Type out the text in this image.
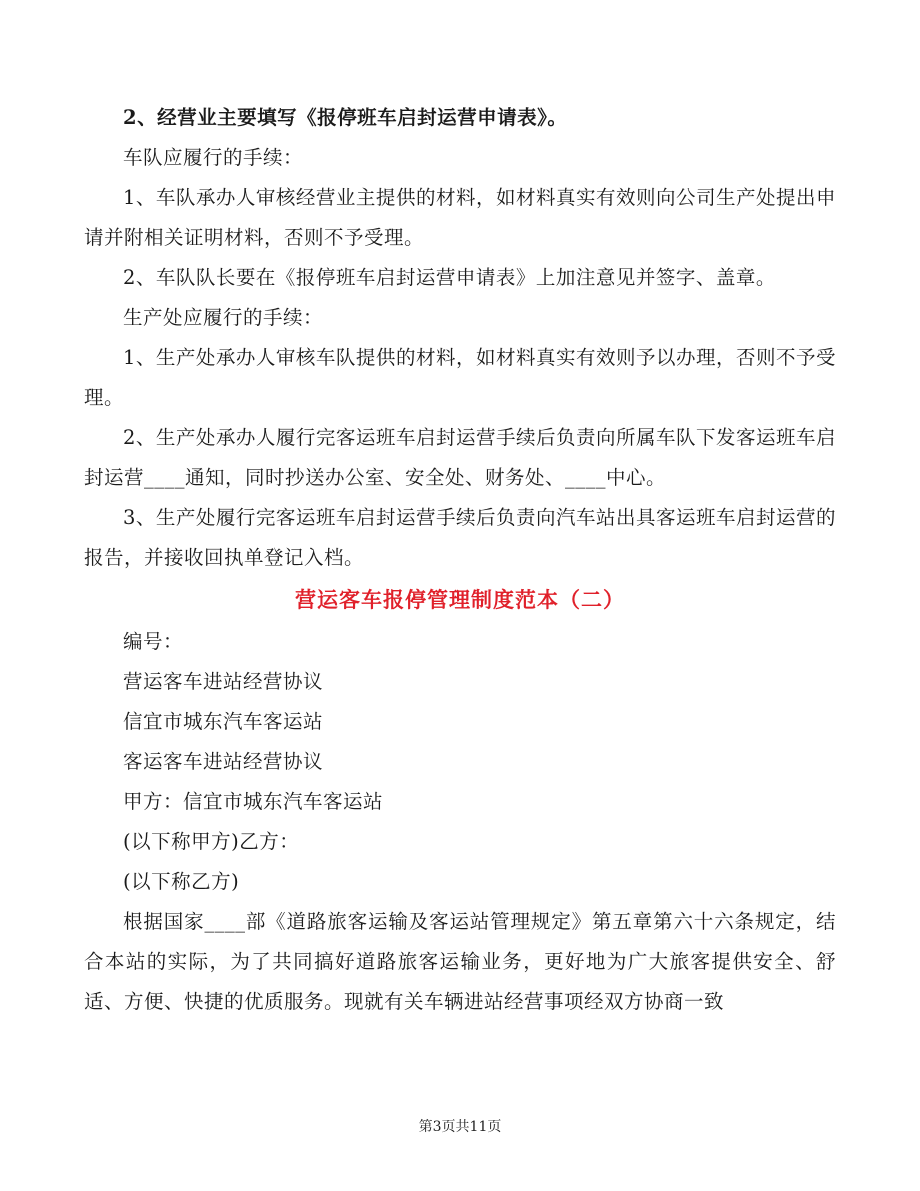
2、经营业主要填写《报停班车启封运营申请表》。

车队应履行的手续：

1、车队承办人审核经营业主提供的材料，如材料真实有效则向公司生产处提出申请并附相关证明材料，否则不予受理。

2、车队队长要在《报停班车启封运营申请表》上加注意见并签字、盖章。

生产处应履行的手续：

1、生产处承办人审核车队提供的材料，如材料真实有效则予以办理，否则不予受理。

2、生产处承办人履行完客运班车启封运营手续后负责向所属车队下发客运班车启封运营____通知，同时抄送办公室、安全处、财务处、____中心。

3、生产处履行完客运班车启封运营手续后负责向汽车站出具客运班车启封运营的报告，并接收回执单登记入档。

营运客车报停管理制度范本（二）

编号：

营运客车进站经营协议

信宜市城东汽车客运站

客运客车进站经营协议

甲方：信宜市城东汽车客运站

(以下称甲方)乙方：

(以下称乙方)

根据国家____部《道路旅客运输及客运站管理规定》第五章第六十六条规定，结合本站的实际，为了共同搞好道路旅客运输业务，更好地为广大旅客提供安全、舒适、方便、快捷的优质服务。现就有关车辆进站经营事项经双方协商一致

第3页共11页
